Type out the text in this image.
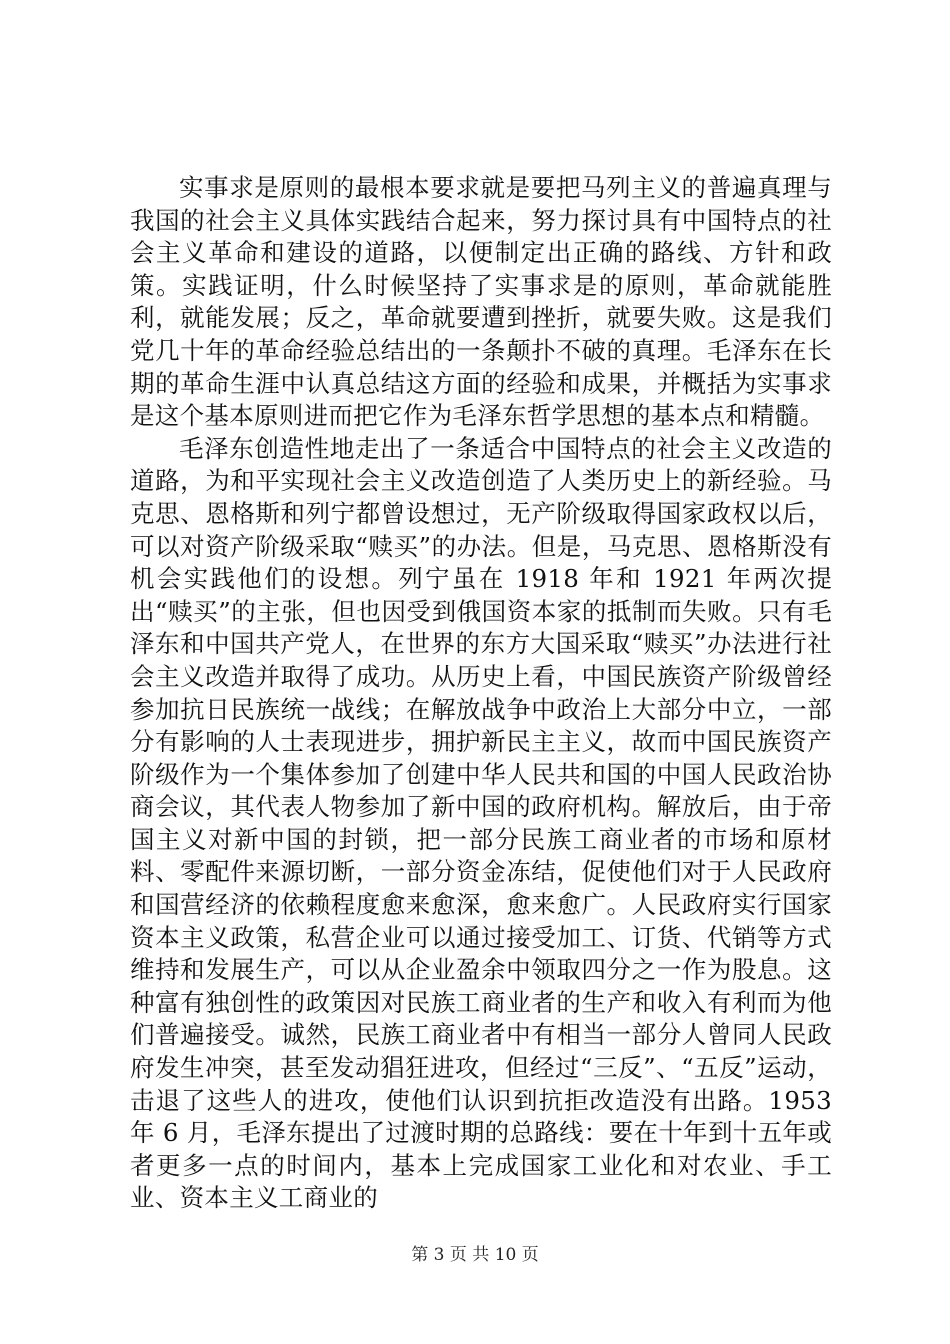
实事求是原则的最根本要求就是要把马列主义的普遍真理与我国的社会主义具体实践结合起来，努力探讨具有中国特点的社会主义革命和建设的道路，以便制定出正确的路线、方针和政策。实践证明，什么时候坚持了实事求是的原则，革命就能胜利，就能发展；反之，革命就要遭到挫折，就要失败。这是我们党几十年的革命经验总结出的一条颠扑不破的真理。毛泽东在长期的革命生涯中认真总结这方面的经验和成果，并概括为实事求是这个基本原则进而把它作为毛泽东哲学思想的基本点和精髓。

毛泽东创造性地走出了一条适合中国特点的社会主义改造的道路，为和平实现社会主义改造创造了人类历史上的新经验。马克思、恩格斯和列宁都曾设想过，无产阶级取得国家政权以后，可以对资产阶级采取“赎买”的办法。但是，马克思、恩格斯没有机会实践他们的设想。列宁虽在 1918 年和 1921 年两次提出“赎买”的主张，但也因受到俄国资本家的抵制而失败。只有毛泽东和中国共产党人，在世界的东方大国采取“赎买”办法进行社会主义改造并取得了成功。从历史上看，中国民族资产阶级曾经参加抗日民族统一战线；在解放战争中政治上大部分中立，一部分有影响的人士表现进步，拥护新民主主义，故而中国民族资产阶级作为一个集体参加了创建中华人民共和国的中国人民政治协商会议，其代表人物参加了新中国的政府机构。解放后，由于帝国主义对新中国的封锁，把一部分民族工商业者的市场和原材料、零配件来源切断，一部分资金冻结，促使他们对于人民政府和国营经济的依赖程度愈来愈深，愈来愈广。人民政府实行国家资本主义政策，私营企业可以通过接受加工、订货、代销等方式维持和发展生产，可以从企业盈余中领取四分之一作为股息。这种富有独创性的政策因对民族工商业者的生产和收入有利而为他们普遍接受。诚然，民族工商业者中有相当一部分人曾同人民政府发生冲突，甚至发动猖狂进攻，但经过“三反”、“五反”运动，击退了这些人的进攻，使他们认识到抗拒改造没有出路。1953 年 6 月，毛泽东提出了过渡时期的总路线：要在十年到十五年或者更多一点的时间内，基本上完成国家工业化和对农业、手工业、资本主义工商业的

第 3 页 共 10 页
